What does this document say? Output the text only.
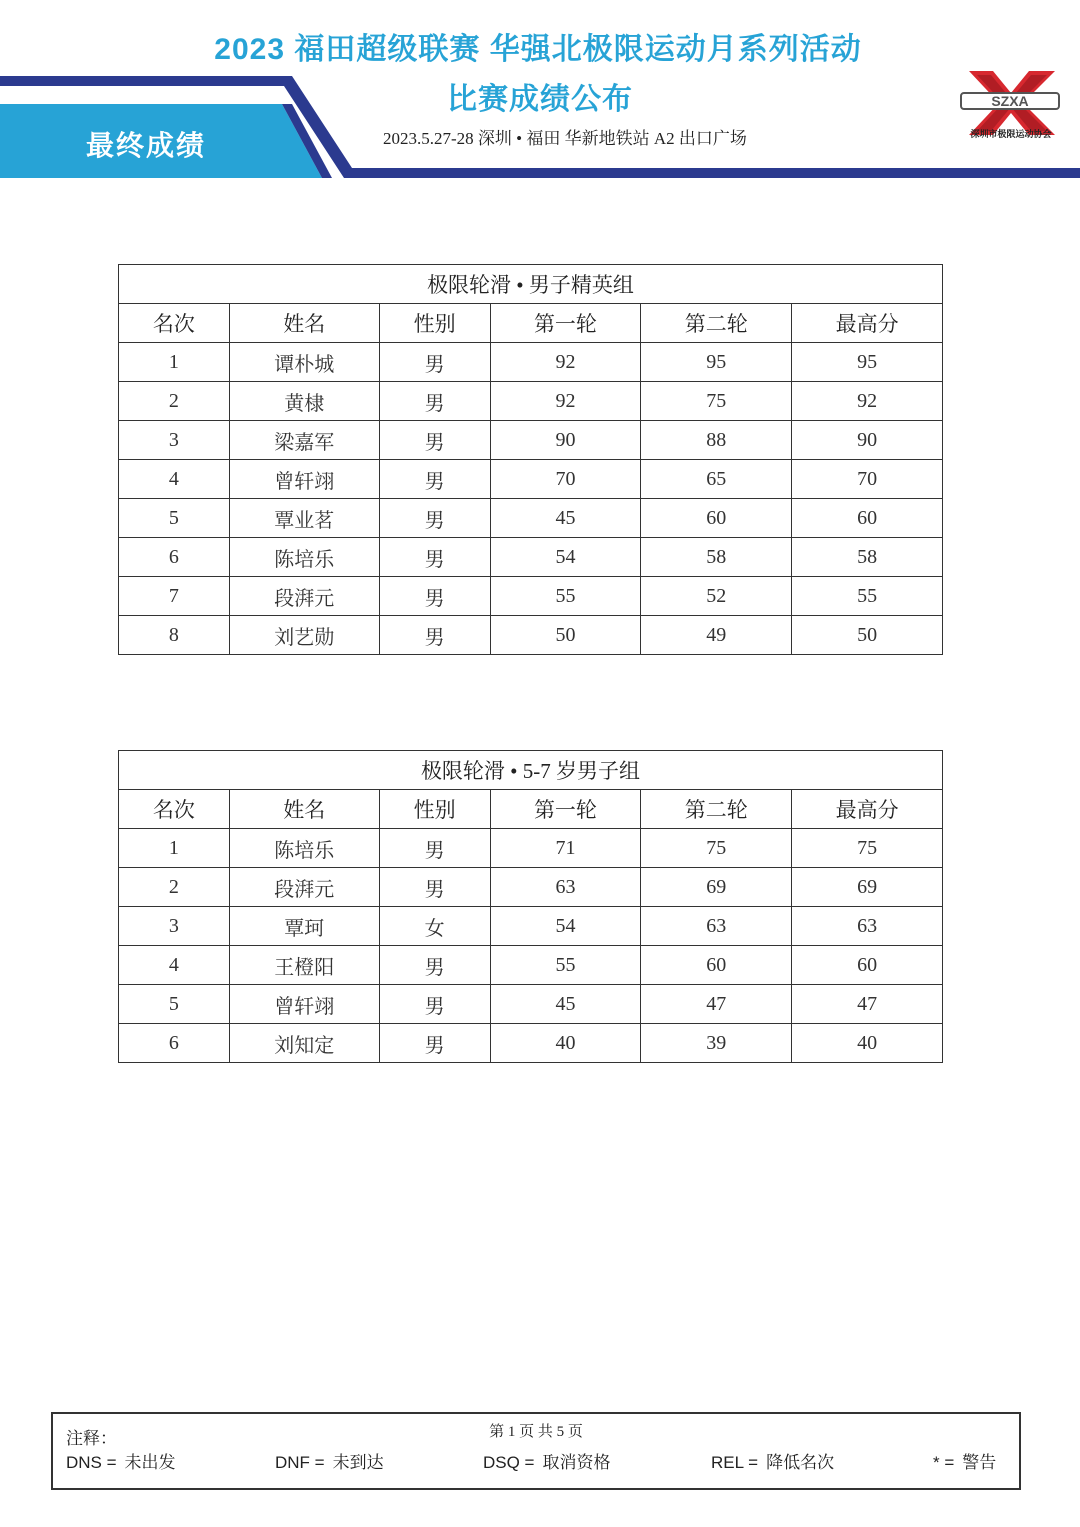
2023 福田超级联赛 华强北极限运动月系列活动
比赛成绩公布
最终成绩	2023.5.27-28 深圳 • 福田 华新地铁站 A2 出口广场
SZXA
深圳市极限运动协会
极限轮滑 • 男子精英组					
名次	姓名	性别	第一轮	第二轮	最高分
1	谭朴城	男	92	95	95
2	黄棣	男	92	75	92
3	梁嘉军	男	90	88	90
4	曾轩翊	男	70	65	70
5	覃业茗	男	45	60	60
6	陈培乐	男	54	58	58
7	段湃元	男	55	52	55
8	刘艺勋	男	50	49	50
极限轮滑 • 5-7 岁男子组					
名次	姓名	性别	第一轮	第二轮	最高分
1	陈培乐	男	71	75	75
2	段湃元	男	63	69	69
3	覃珂	女	54	63	63
4	王橙阳	男	55	60	60
5	曾轩翊	男	45	47	47
6	刘知定	男	40	39	40
注释：	第 1 页 共 5 页
DNS = 未出发	DNF = 未到达	DSQ = 取消资格	REL = 降低名次	* = 警告
